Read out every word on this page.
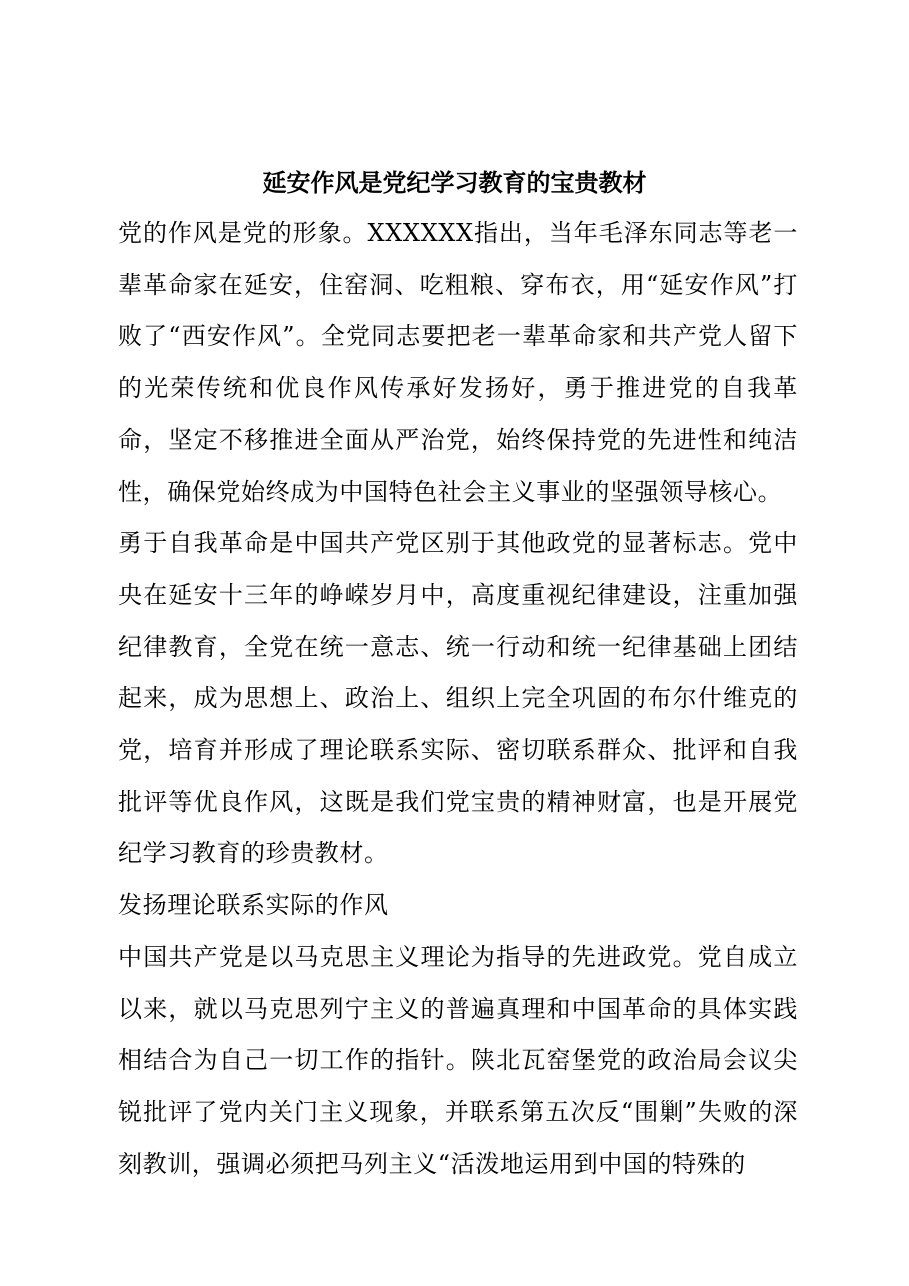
延安作风是党纪学习教育的宝贵教材

党的作风是党的形象。XXXXXX指出，当年毛泽东同志等老一辈革命家在延安，住窑洞、吃粗粮、穿布衣，用“延安作风”打败了“西安作风”。全党同志要把老一辈革命家和共产党人留下的光荣传统和优良作风传承好发扬好，勇于推进党的自我革命，坚定不移推进全面从严治党，始终保持党的先进性和纯洁性，确保党始终成为中国特色社会主义事业的坚强领导核心。

勇于自我革命是中国共产党区别于其他政党的显著标志。党中央在延安十三年的峥嵘岁月中，高度重视纪律建设，注重加强纪律教育，全党在统一意志、统一行动和统一纪律基础上团结起来，成为思想上、政治上、组织上完全巩固的布尔什维克的党，培育并形成了理论联系实际、密切联系群众、批评和自我批评等优良作风，这既是我们党宝贵的精神财富，也是开展党纪学习教育的珍贵教材。

发扬理论联系实际的作风

中国共产党是以马克思主义理论为指导的先进政党。党自成立以来，就以马克思列宁主义的普遍真理和中国革命的具体实践相结合为自己一切工作的指针。陕北瓦窑堡党的政治局会议尖锐批评了党内关门主义现象，并联系第五次反“围剿”失败的深刻教训，强调必须把马列主义“活泼地运用到中国的特殊的
